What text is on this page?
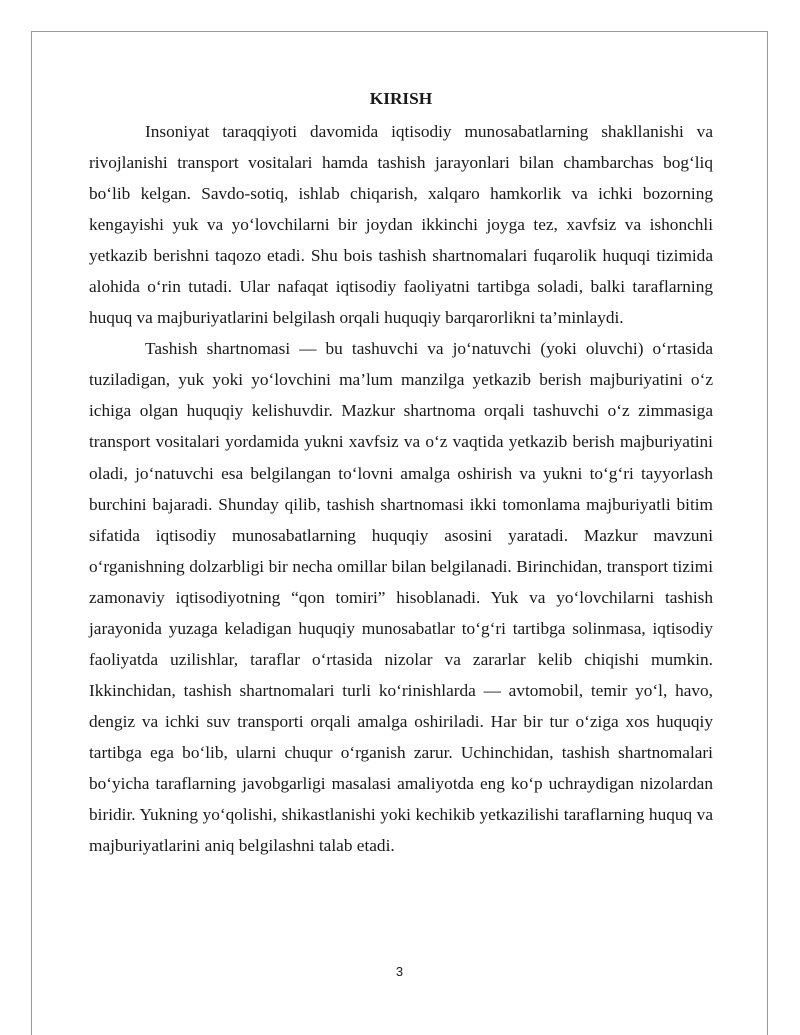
KIRISH

Insoniyat taraqqiyoti davomida iqtisodiy munosabatlarning shakllanishi va rivojlanishi transport vositalari hamda tashish jarayonlari bilan chambarchas bog‘liq bo‘lib kelgan. Savdo-sotiq, ishlab chiqarish, xalqaro hamkorlik va ichki bozorning kengayishi yuk va yo‘lovchilarni bir joydan ikkinchi joyga tez, xavfsiz va ishonchli yetkazib berishni taqozo etadi. Shu bois tashish shartnomalari fuqarolik huquqi tizimida alohida o‘rin tutadi. Ular nafaqat iqtisodiy faoliyatni tartibga soladi, balki taraflarning huquq va majburiyatlarini belgilash orqali huquqiy barqarorlikni ta’minlaydi.

Tashish shartnomasi — bu tashuvchi va jo‘natuvchi (yoki oluvchi) o‘rtasida tuziladigan, yuk yoki yo‘lovchini ma’lum manzilga yetkazib berish majburiyatini o‘z ichiga olgan huquqiy kelishuvdir. Mazkur shartnoma orqali tashuvchi o‘z zimmasiga transport vositalari yordamida yukni xavfsiz va o‘z vaqtida yetkazib berish majburiyatini oladi, jo‘natuvchi esa belgilangan to‘lovni amalga oshirish va yukni to‘g‘ri tayyorlash burchini bajaradi. Shunday qilib, tashish shartnomasi ikki tomonlama majburiyatli bitim sifatida iqtisodiy munosabatlarning huquqiy asosini yaratadi. Mazkur mavzuni o‘rganishning dolzarbligi bir necha omillar bilan belgilanadi. Birinchidan, transport tizimi zamonaviy iqtisodiyotning “qon tomiri” hisoblanadi. Yuk va yo‘lovchilarni tashish jarayonida yuzaga keladigan huquqiy munosabatlar to‘g‘ri tartibga solinmasa, iqtisodiy faoliyatda uzilishlar, taraflar o‘rtasida nizolar va zararlar kelib chiqishi mumkin. Ikkinchidan, tashish shartnomalari turli ko‘rinishlarda — avtomobil, temir yo‘l, havo, dengiz va ichki suv transporti orqali amalga oshiriladi. Har bir tur o‘ziga xos huquqiy tartibga ega bo‘lib, ularni chuqur o‘rganish zarur. Uchinchidan, tashish shartnomalari bo‘yicha taraflarning javobgarligi masalasi amaliyotda eng ko‘p uchraydigan nizolardan biridir. Yukning yo‘qolishi, shikastlanishi yoki kechikib yetkazilishi taraflarning huquq va majburiyatlarini aniq belgilashni talab etadi.

3
